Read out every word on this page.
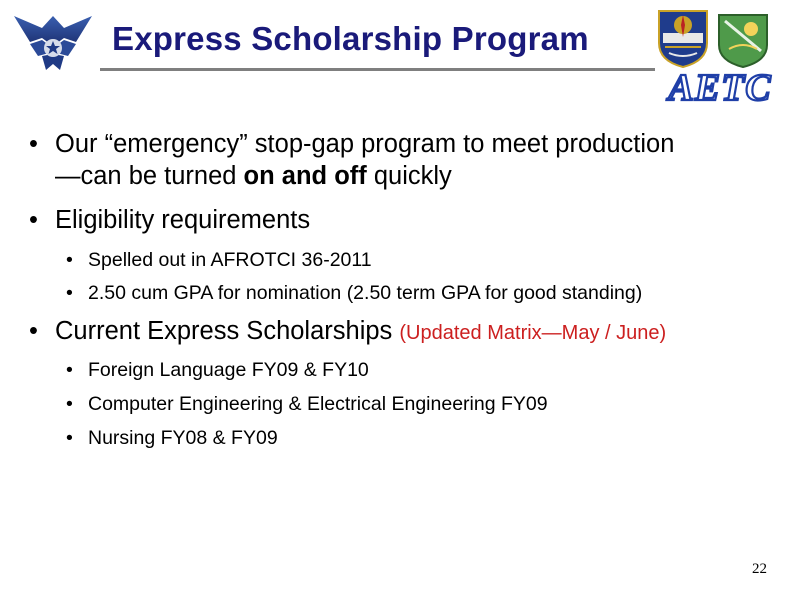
Express Scholarship Program
AETC
• Our “emergency” stop-gap program to meet production
—can be turned on and off quickly
• Eligibility requirements
• Spelled out in AFROTCI 36-2011
• 2.50 cum GPA for nomination (2.50 term GPA for good standing)
• Current Express Scholarships (Updated Matrix—May / June)
• Foreign Language FY09 & FY10
• Computer Engineering & Electrical Engineering FY09
• Nursing FY08 & FY09
22
